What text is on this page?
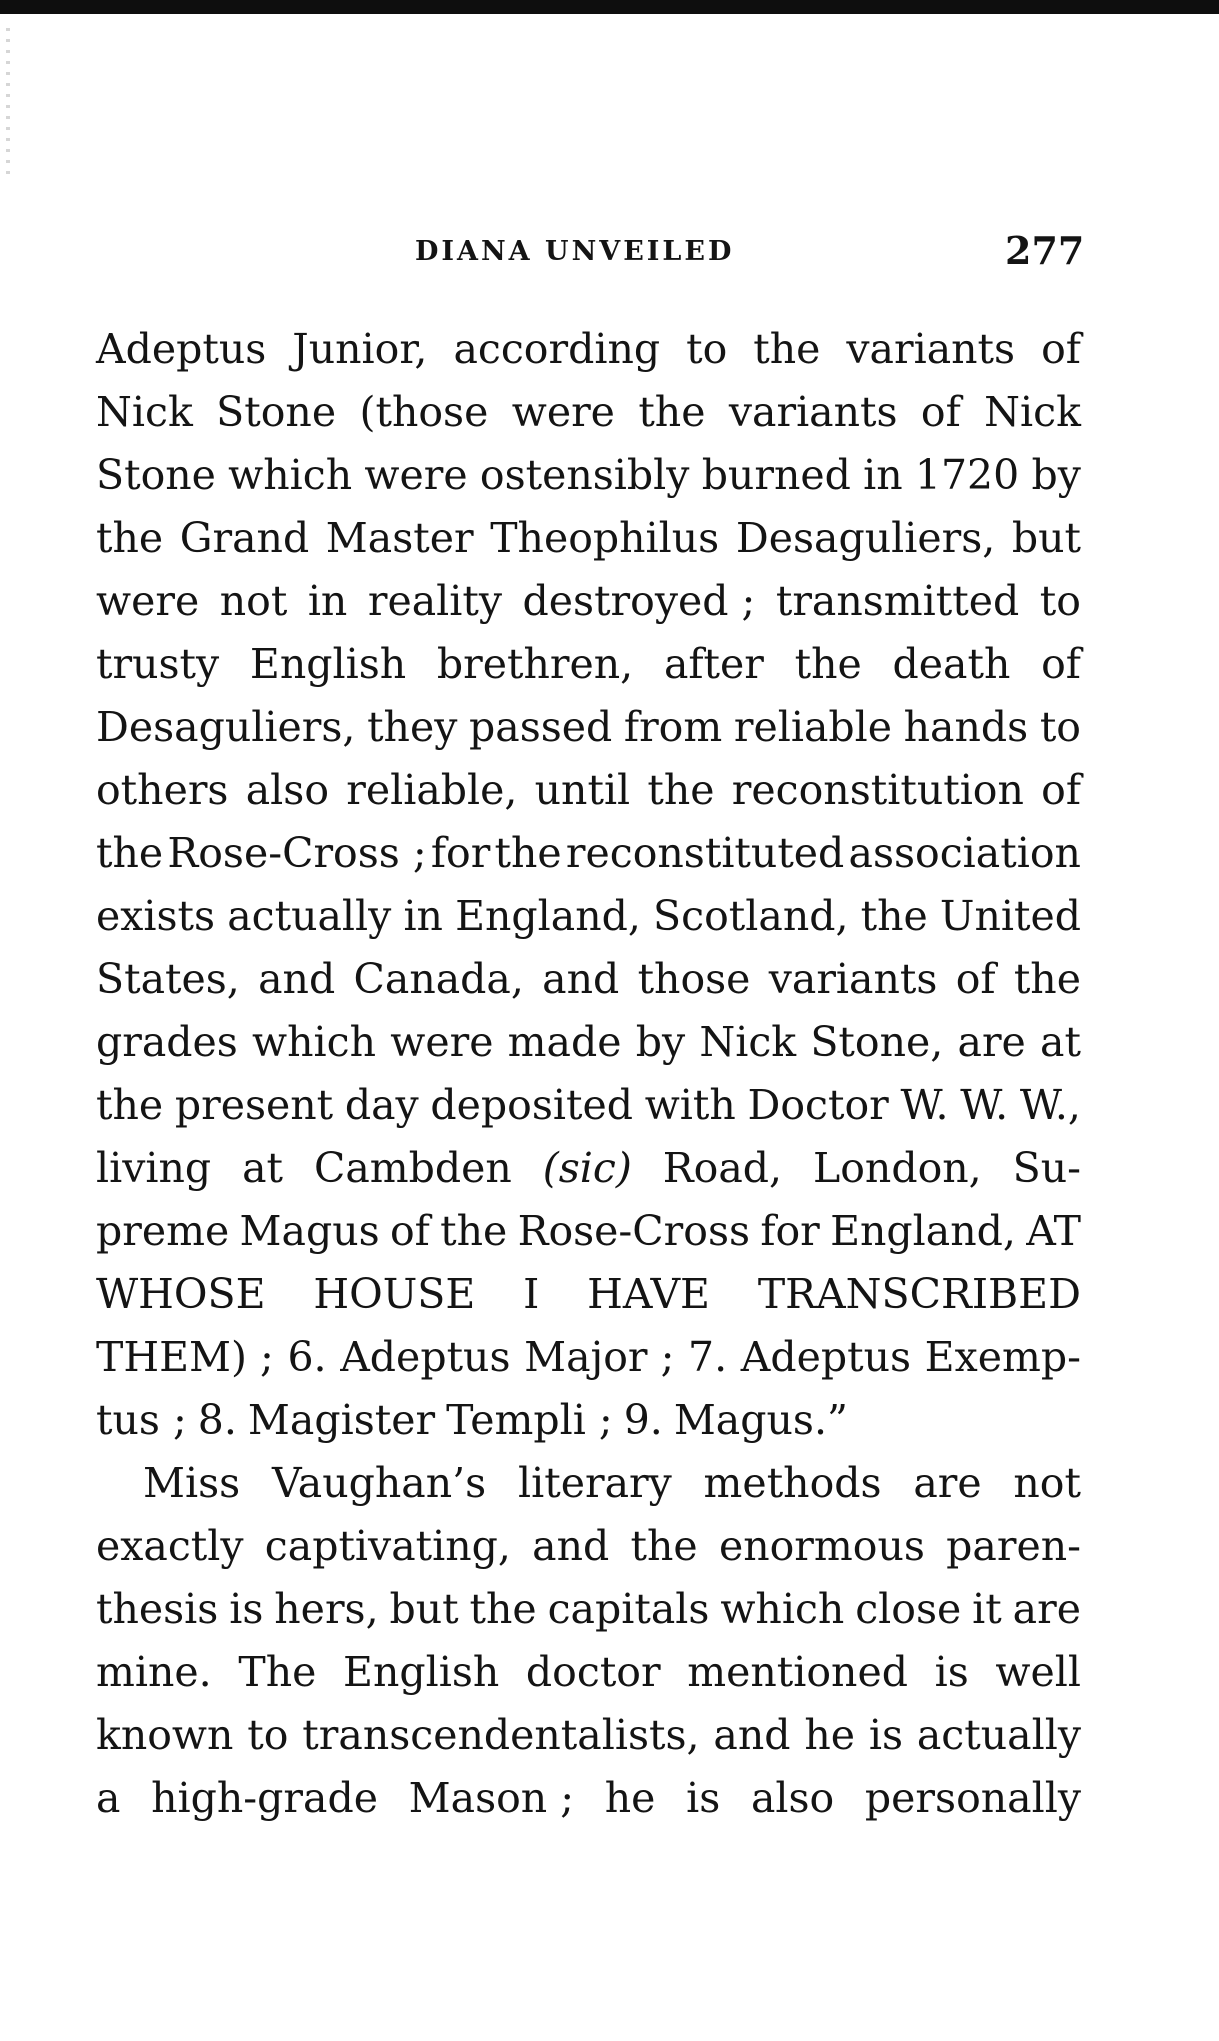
DIANA UNVEILED	277
Adeptus Junior, according to the variants of
Nick Stone (those were the variants of Nick
Stone which were ostensibly burned in 1720 by
the Grand Master Theophilus Desaguliers, but
were not in reality destroyed ; transmitted to
trusty English brethren, after the death of
Desaguliers, they passed from reliable hands to
others also reliable, until the reconstitution of
the Rose-Cross ; for the reconstituted association
exists actually in England, Scotland, the United
States, and Canada, and those variants of the
grades which were made by Nick Stone, are at
the present day deposited with Doctor W. W. W.,
living at Cambden (sic) Road, London, Su-
preme Magus of the Rose-Cross for England, AT
WHOSE HOUSE I HAVE TRANSCRIBED
THEM) ; 6. Adeptus Major ; 7. Adeptus Exemp-
tus ; 8. Magister Templi ; 9. Magus.”
Miss Vaughan’s literary methods are not
exactly captivating, and the enormous paren-
thesis is hers, but the capitals which close it are
mine. The English doctor mentioned is well
known to transcendentalists, and he is actually
a high-grade Mason ; he is also personally
